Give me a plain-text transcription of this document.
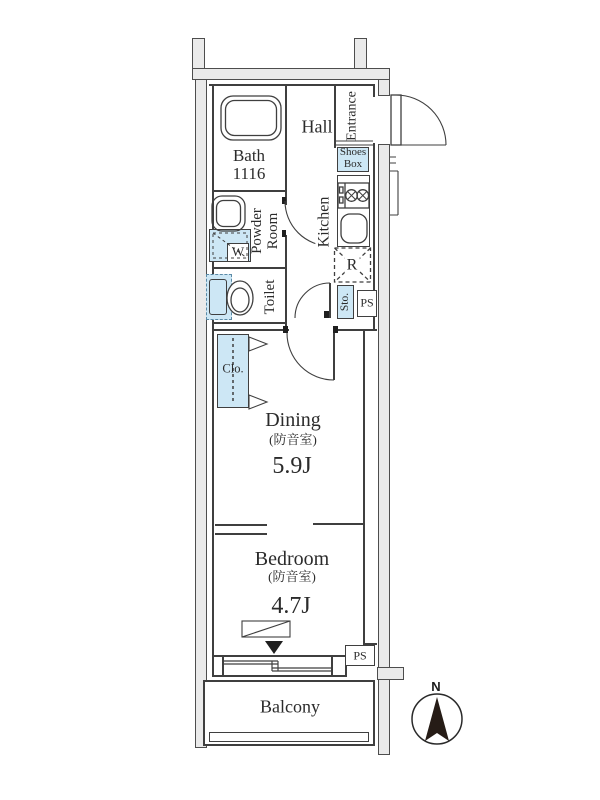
Hall
Bath
1116
Powder Room
Toilet
Kitchen
Entrance
Shoes
Box
W
R
Sto. PS
Clo.
Dining
(防音室)
5.9J
Bedroom
(防音室)
4.7J
PS
Balcony
N
